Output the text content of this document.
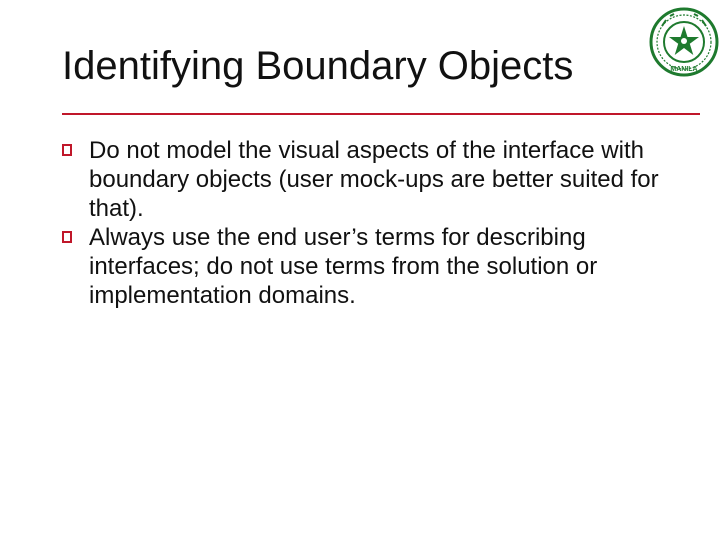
Identifying Boundary Objects	MANILA
Do not model the visual aspects of the interface with boundary objects (user mock-ups are better suited for that).
Always use the end user’s terms for describing interfaces; do not use terms from the solution or implementation domains.
